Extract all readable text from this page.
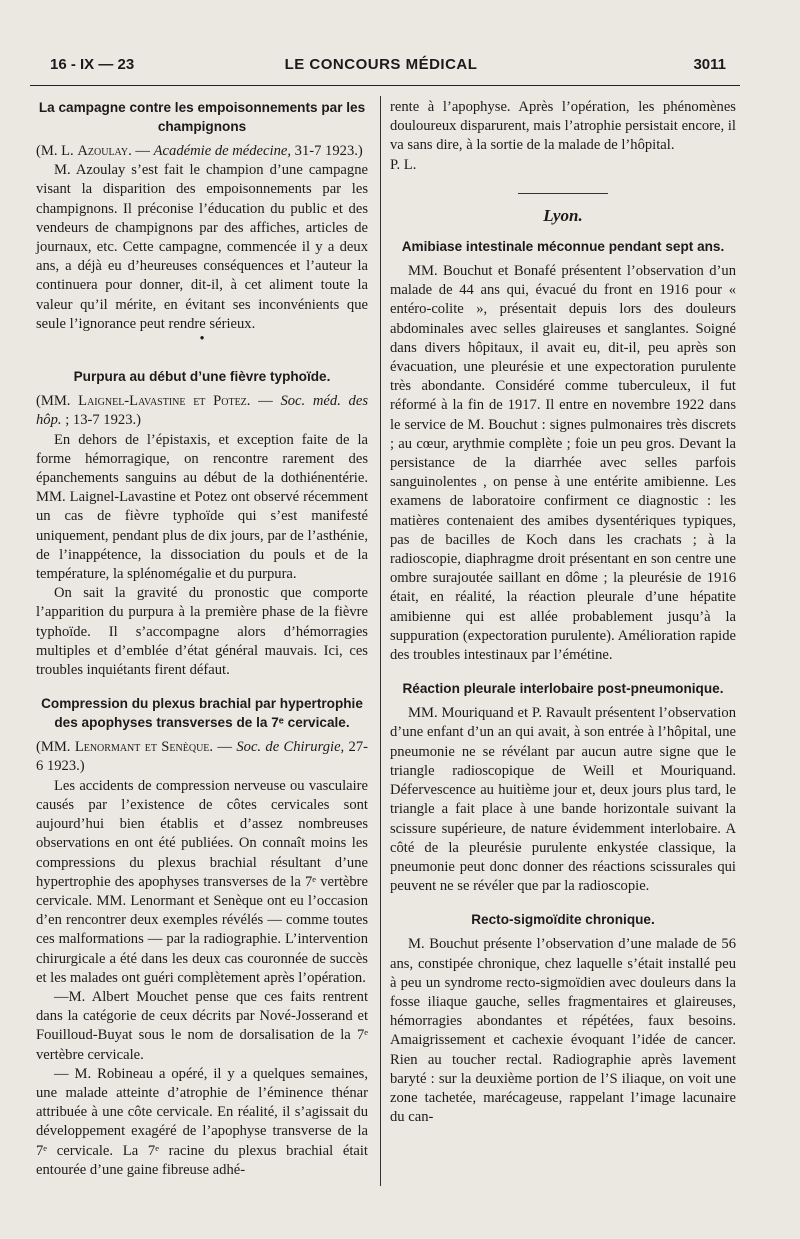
16 - IX — 23	LE CONCOURS MÉDICAL	3011
La campagne contre les empoisonnements par les champignons

(M. L. Azoulay. — Académie de médecine, 31-7 1923.)

M. Azoulay s’est fait le champion d’une campagne visant la disparition des empoisonnements par les champignons. Il préconise l’éducation du public et des vendeurs de champignons par des affiches, articles de journaux, etc. Cette campagne, commencée il y a deux ans, a déjà eu d’heureuses conséquences et l’auteur la continuera pour donner, dit-il, à cet aliment toute la valeur qu’il mérite, en évitant ses inconvénients que seule l’ignorance peut rendre sérieux.

•
Purpura au début d’une fièvre typhoïde.

(MM. Laignel-Lavastine et Potez. — Soc. méd. des hôp. ; 13-7 1923.)

En dehors de l’épistaxis, et exception faite de la forme hémorragique, on rencontre rarement des épanchements sanguins au début de la dothiénentérie. MM. Laignel-Lavastine et Potez ont observé récemment un cas de fièvre typhoïde qui s’est manifesté uniquement, pendant plus de dix jours, par de l’asthénie, de l’inappétence, la dissociation du pouls et de la température, la splénomégalie et du purpura.

On sait la gravité du pronostic que comporte l’apparition du purpura à la première phase de la fièvre typhoïde. Il s’accompagne alors d’hémorragies multiples et d’emblée d’état général mauvais. Ici, ces troubles inquiétants firent défaut.

Compression du plexus brachial par hypertrophie des apophyses transverses de la 7ᵉ cervicale.

(MM. Lenormant et Senèque. — Soc. de Chirurgie, 27-6 1923.)

Les accidents de compression nerveuse ou vasculaire causés par l’existence de côtes cervicales sont aujourd’hui bien établis et d’assez nombreuses observations en ont été publiées. On connaît moins les compressions du plexus brachial résultant d’une hypertrophie des apophyses transverses de la 7ᵉ vertèbre cervicale. MM. Lenormant et Senèque ont eu l’occasion d’en rencontrer deux exemples révélés — comme toutes ces malformations — par la radiographie. L’intervention chirurgicale a été dans les deux cas couronnée de succès et les malades ont guéri complètement après l’opération.

—M. Albert Mouchet pense que ces faits rentrent dans la catégorie de ceux décrits par Nové-Josserand et Fouilloud-Buyat sous le nom de dorsalisation de la 7ᵉ vertèbre cervicale.

— M. Robineau a opéré, il y a quelques semaines, une malade atteinte d’atrophie de l’éminence thénar attribuée à une côte cervicale. En réalité, il s’agissait du développement exagéré de l’apophyse transverse de la 7ᵉ cervicale. La 7ᵉ racine du plexus brachial était entourée d’une gaine fibreuse adhé-

rente à l’apophyse. Après l’opération, les phénomènes douloureux disparurent, mais l’atrophie persistait encore, il va sans dire, à la sortie de la malade de l’hôpital.

P. L.

Lyon.
Amibiase intestinale méconnue pendant sept ans.

MM. Bouchut et Bonafé présentent l’observation d’un malade de 44 ans qui, évacué du front en 1916 pour « entéro-colite », présentait depuis lors des douleurs abdominales avec selles glaireuses et sanglantes. Soigné dans divers hôpitaux, il avait eu, dit-il, peu après son évacuation, une pleurésie et une expectoration purulente très abondante. Considéré comme tuberculeux, il fut réformé à la fin de 1917. Il entre en novembre 1922 dans le service de M. Bouchut : signes pulmonaires très discrets ; au cœur, arythmie complète ; foie un peu gros. Devant la persistance de la diarrhée avec selles parfois sanguinolentes , on pense à une entérite amibienne. Les examens de laboratoire confirment ce diagnostic : les matières contenaient des amibes dysentériques typiques, pas de bacilles de Koch dans les crachats ; à la radioscopie, diaphragme droit présentant en son centre une ombre surajoutée saillant en dôme ; la pleurésie de 1916 était, en réalité, la réaction pleurale d’une hépatite amibienne qui est allée probablement jusqu’à la suppuration (expectoration purulente). Amélioration rapide des troubles intestinaux par l’émétine.

Réaction pleurale interlobaire post-pneumonique.

MM. Mouriquand et P. Ravault présentent l’observation d’une enfant d’un an qui avait, à son entrée à l’hôpital, une pneumonie ne se révélant par aucun autre signe que le triangle radioscopique de Weill et Mouriquand. Défervescence au huitième jour et, deux jours plus tard, le triangle a fait place à une bande horizontale suivant la scissure supérieure, de nature évidemment interlobaire. A côté de la pleurésie purulente enkystée classique, la pneumonie peut donc donner des réactions scissurales qui peuvent ne se révéler que par la radioscopie.

Recto-sigmoïdite chronique.

M. Bouchut présente l’observation d’une malade de 56 ans, constipée chronique, chez laquelle s’était installé peu à peu un syndrome recto-sigmoïdien avec douleurs dans la fosse iliaque gauche, selles fragmentaires et glaireuses, hémorragies abondantes et répétées, faux besoins. Amaigrissement et cachexie évoquant l’idée de cancer. Rien au toucher rectal. Radiographie après lavement baryté : sur la deuxième portion de l’S iliaque, on voit une zone tachetée, marécageuse, rappelant l’image lacunaire du can-
